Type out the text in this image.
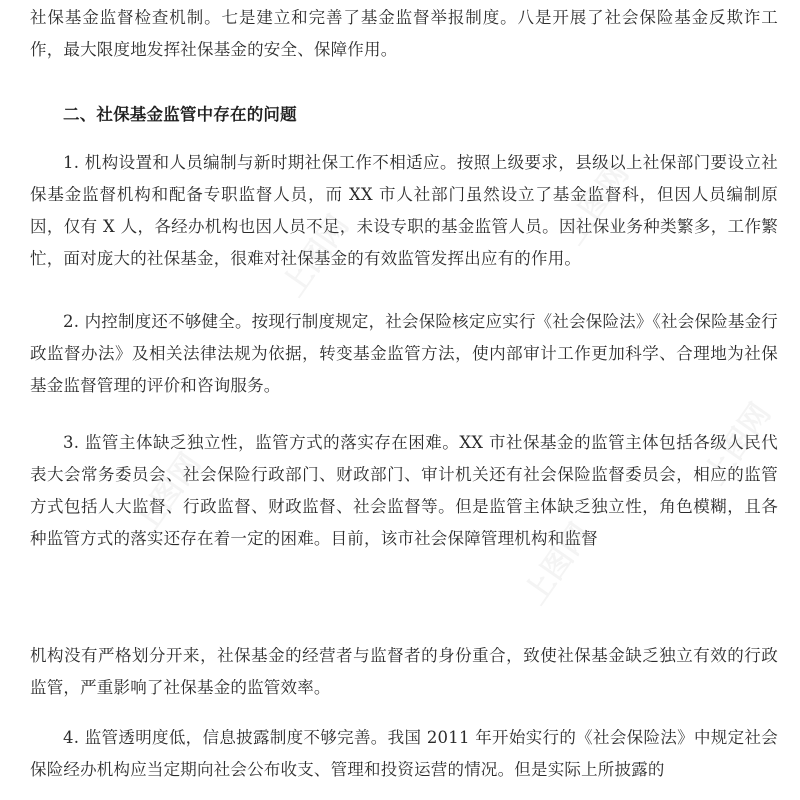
社保基金监督检查机制。七是建立和完善了基金监督举报制度。八是开展了社会保险基金反欺诈工作，最大限度地发挥社保基金的安全、保障作用。

二、社保基金监管中存在的问题

1. 机构设置和人员编制与新时期社保工作不相适应。按照上级要求，县级以上社保部门要设立社保基金监督机构和配备专职监督人员，而 XX 市人社部门虽然设立了基金监督科，但因人员编制原因，仅有 X 人，各经办机构也因人员不足，未设专职的基金监管人员。因社保业务种类繁多，工作繁忙，面对庞大的社保基金，很难对社保基金的有效监管发挥出应有的作用。

2. 内控制度还不够健全。按现行制度规定，社会保险核定应实行《社会保险法》《社会保险基金行政监督办法》及相关法律法规为依据，转变基金监管方法，使内部审计工作更加科学、合理地为社保基金监督管理的评价和咨询服务。

3. 监管主体缺乏独立性，监管方式的落实存在困难。XX 市社保基金的监管主体包括各级人民代表大会常务委员会、社会保险行政部门、财政部门、审计机关还有社会保险监督委员会，相应的监管方式包括人大监督、行政监督、财政监督、社会监督等。但是监管主体缺乏独立性，角色模糊，且各种监管方式的落实还存在着一定的困难。目前，该市社会保障管理机构和监督

机构没有严格划分开来，社保基金的经营者与监督者的身份重合，致使社保基金缺乏独立有效的行政监管，严重影响了社保基金的监管效率。

4. 监管透明度低，信息披露制度不够完善。我国 2011 年开始实行的《社会保险法》中规定社会保险经办机构应当定期向社会公布收支、管理和投资运营的情况。但是实际上所披露的

上图网
上图网
上图网
上图网
上图网
